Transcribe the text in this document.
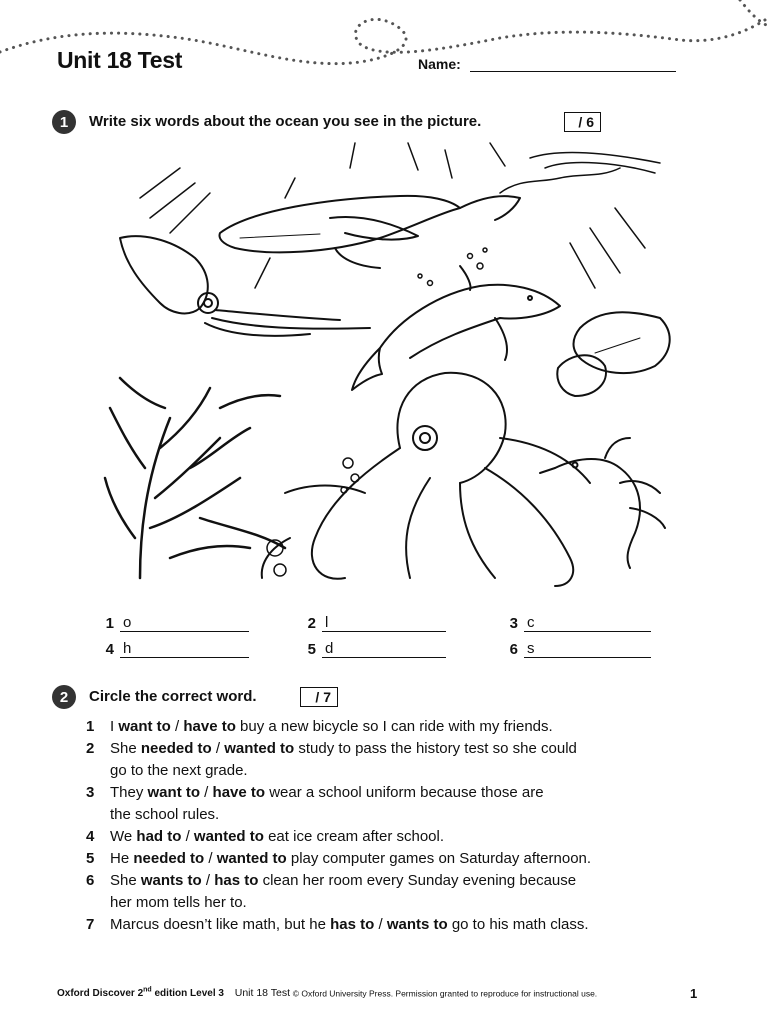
Unit 18 Test	Name:
1	Write six words about the ocean you see in the picture.	/ 6
1 o	2 l	3 c
4 h	5 d	6 s
2	Circle the correct word.	/ 7
1 I want to / have to buy a new bicycle so I can ride with my friends.
2 She needed to / wanted to study to pass the history test so she could
go to the next grade.
3 They want to / have to wear a school uniform because those are
the school rules.
4 We had to / wanted to eat ice cream after school.
5 He needed to / wanted to play computer games on Saturday afternoon.
6 She wants to / has to clean her room every Sunday evening because
her mom tells her to.
7 Marcus doesn’t like math, but he has to / wants to go to his math class.
Oxford Discover 2nd edition Level 3 Unit 18 Test © Oxford University Press. Permission granted to reproduce for instructional use.	1
